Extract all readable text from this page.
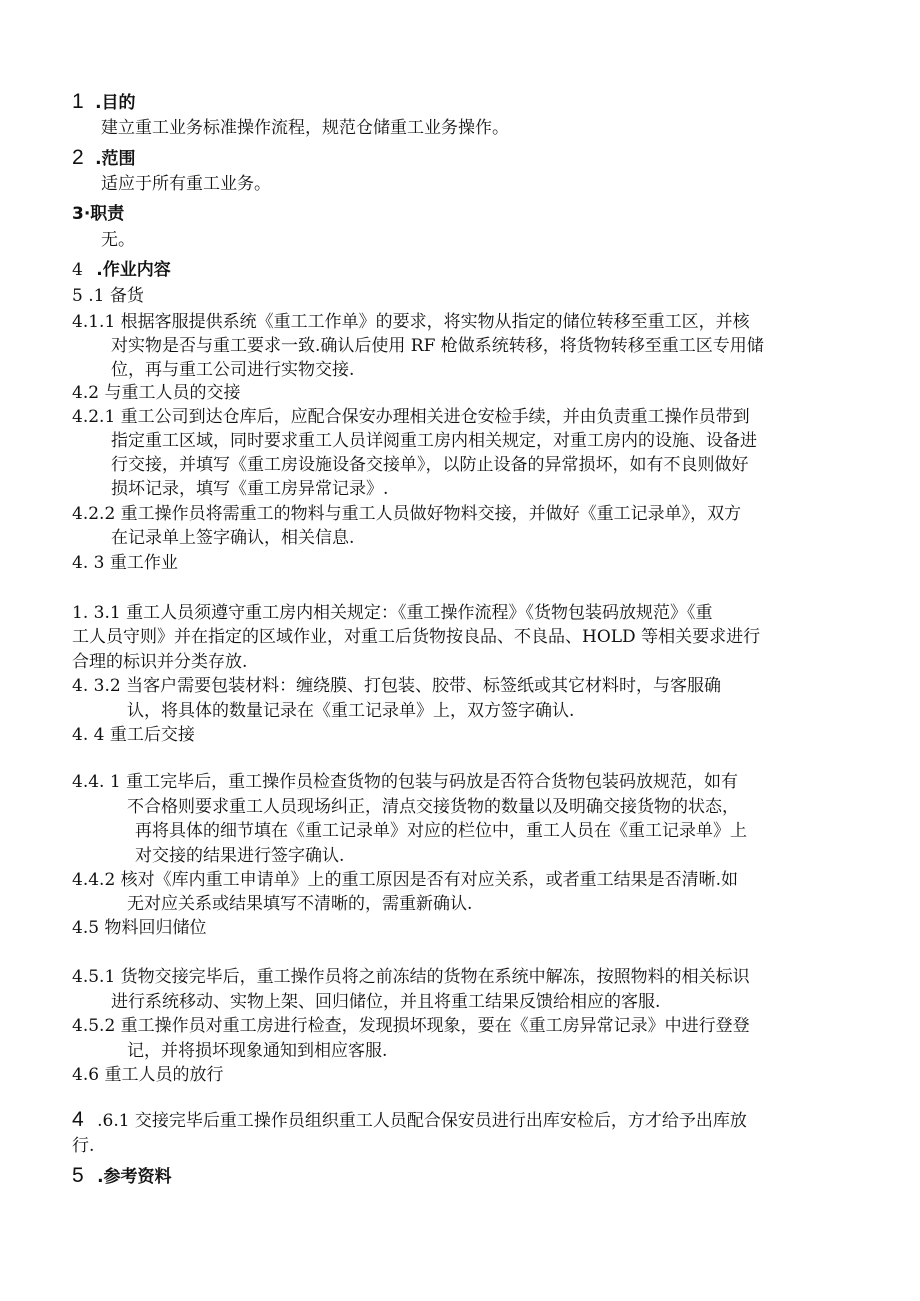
1 .目的
建立重工业务标准操作流程，规范仓储重工业务操作。
2 .范围
适应于所有重工业务。
3·职责
无。
4 .作业内容
5 .1 备货
4.1.1 根据客服提供系统《重工工作单》的要求，将实物从指定的储位转移至重工区，并核
对实物是否与重工要求一致.确认后使用 RF 枪做系统转移，将货物转移至重工区专用储
位，再与重工公司进行实物交接.
4.2 与重工人员的交接
4.2.1 重工公司到达仓库后，应配合保安办理相关进仓安检手续，并由负责重工操作员带到
指定重工区域，同时要求重工人员详阅重工房内相关规定，对重工房内的设施、设备进
行交接，并填写《重工房设施设备交接单》，以防止设备的异常损坏，如有不良则做好
损坏记录，填写《重工房异常记录》.
4.2.2 重工操作员将需重工的物料与重工人员做好物料交接，并做好《重工记录单》，双方
在记录单上签字确认，相关信息.
4. 3 重工作业
1. 3.1 重工人员须遵守重工房内相关规定：《重工操作流程》《货物包装码放规范》《重
工人员守则》并在指定的区域作业，对重工后货物按良品、不良品、HOLD 等相关要求进行
合理的标识并分类存放.
4. 3.2 当客户需要包装材料：缠绕膜、打包装、胶带、标签纸或其它材料时，与客服确
认，将具体的数量记录在《重工记录单》上，双方签字确认.
4. 4 重工后交接
4.4. 1 重工完毕后，重工操作员检查货物的包装与码放是否符合货物包装码放规范，如有
不合格则要求重工人员现场纠正，清点交接货物的数量以及明确交接货物的状态，
再将具体的细节填在《重工记录单》对应的栏位中，重工人员在《重工记录单》上
对交接的结果进行签字确认.
4.4.2 核对《库内重工申请单》上的重工原因是否有对应关系，或者重工结果是否清晰.如
无对应关系或结果填写不清晰的，需重新确认.
4.5 物料回归储位
4.5.1 货物交接完毕后，重工操作员将之前冻结的货物在系统中解冻，按照物料的相关标识
进行系统移动、实物上架、回归储位，并且将重工结果反馈给相应的客服.
4.5.2 重工操作员对重工房进行检查，发现损坏现象，要在《重工房异常记录》中进行登登
记，并将损坏现象通知到相应客服.
4.6 重工人员的放行
4 .6.1 交接完毕后重工操作员组织重工人员配合保安员进行出库安检后，方才给予出库放
行.
5 .参考资料
